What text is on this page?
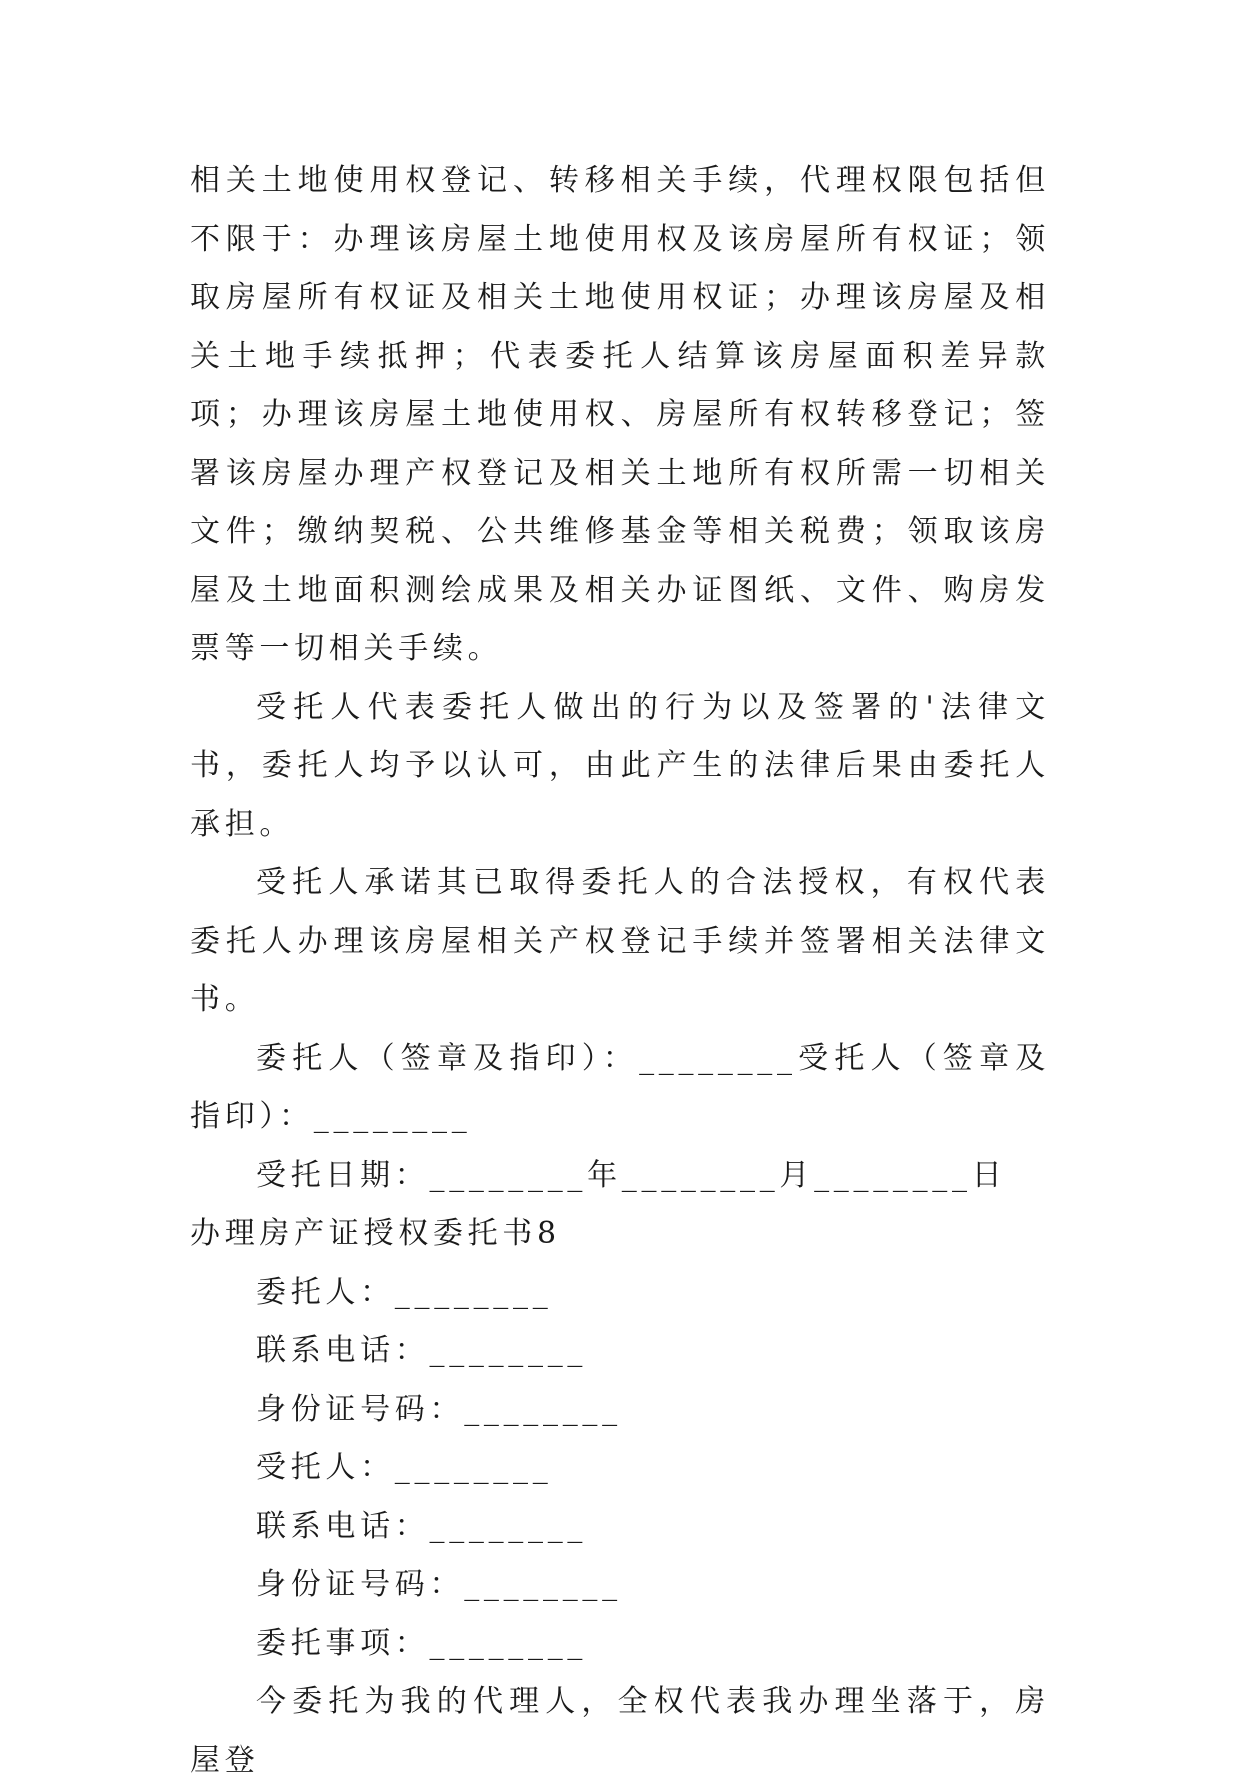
相关土地使用权登记、转移相关手续，代理权限包括但不限于：办理该房屋土地使用权及该房屋所有权证；领取房屋所有权证及相关土地使用权证；办理该房屋及相关土地手续抵押；代表委托人结算该房屋面积差异款项；办理该房屋土地使用权、房屋所有权转移登记；签署该房屋办理产权登记及相关土地所有权所需一切相关文件；缴纳契税、公共维修基金等相关税费；领取该房屋及土地面积测绘成果及相关办证图纸、文件、购房发票等一切相关手续。

受托人代表委托人做出的行为以及签署的'法律文书，委托人均予以认可，由此产生的法律后果由委托人承担。

受托人承诺其已取得委托人的合法授权，有权代表委托人办理该房屋相关产权登记手续并签署相关法律文书。

委托人（签章及指印）：________受托人（签章及指印）：________

受托日期：________年________月________日

办理房产证授权委托书8

委托人：________

联系电话：________

身份证号码：________

受托人：________

联系电话：________

身份证号码：________

委托事项：________

今委托为我的代理人，全权代表我办理坐落于，房屋登
